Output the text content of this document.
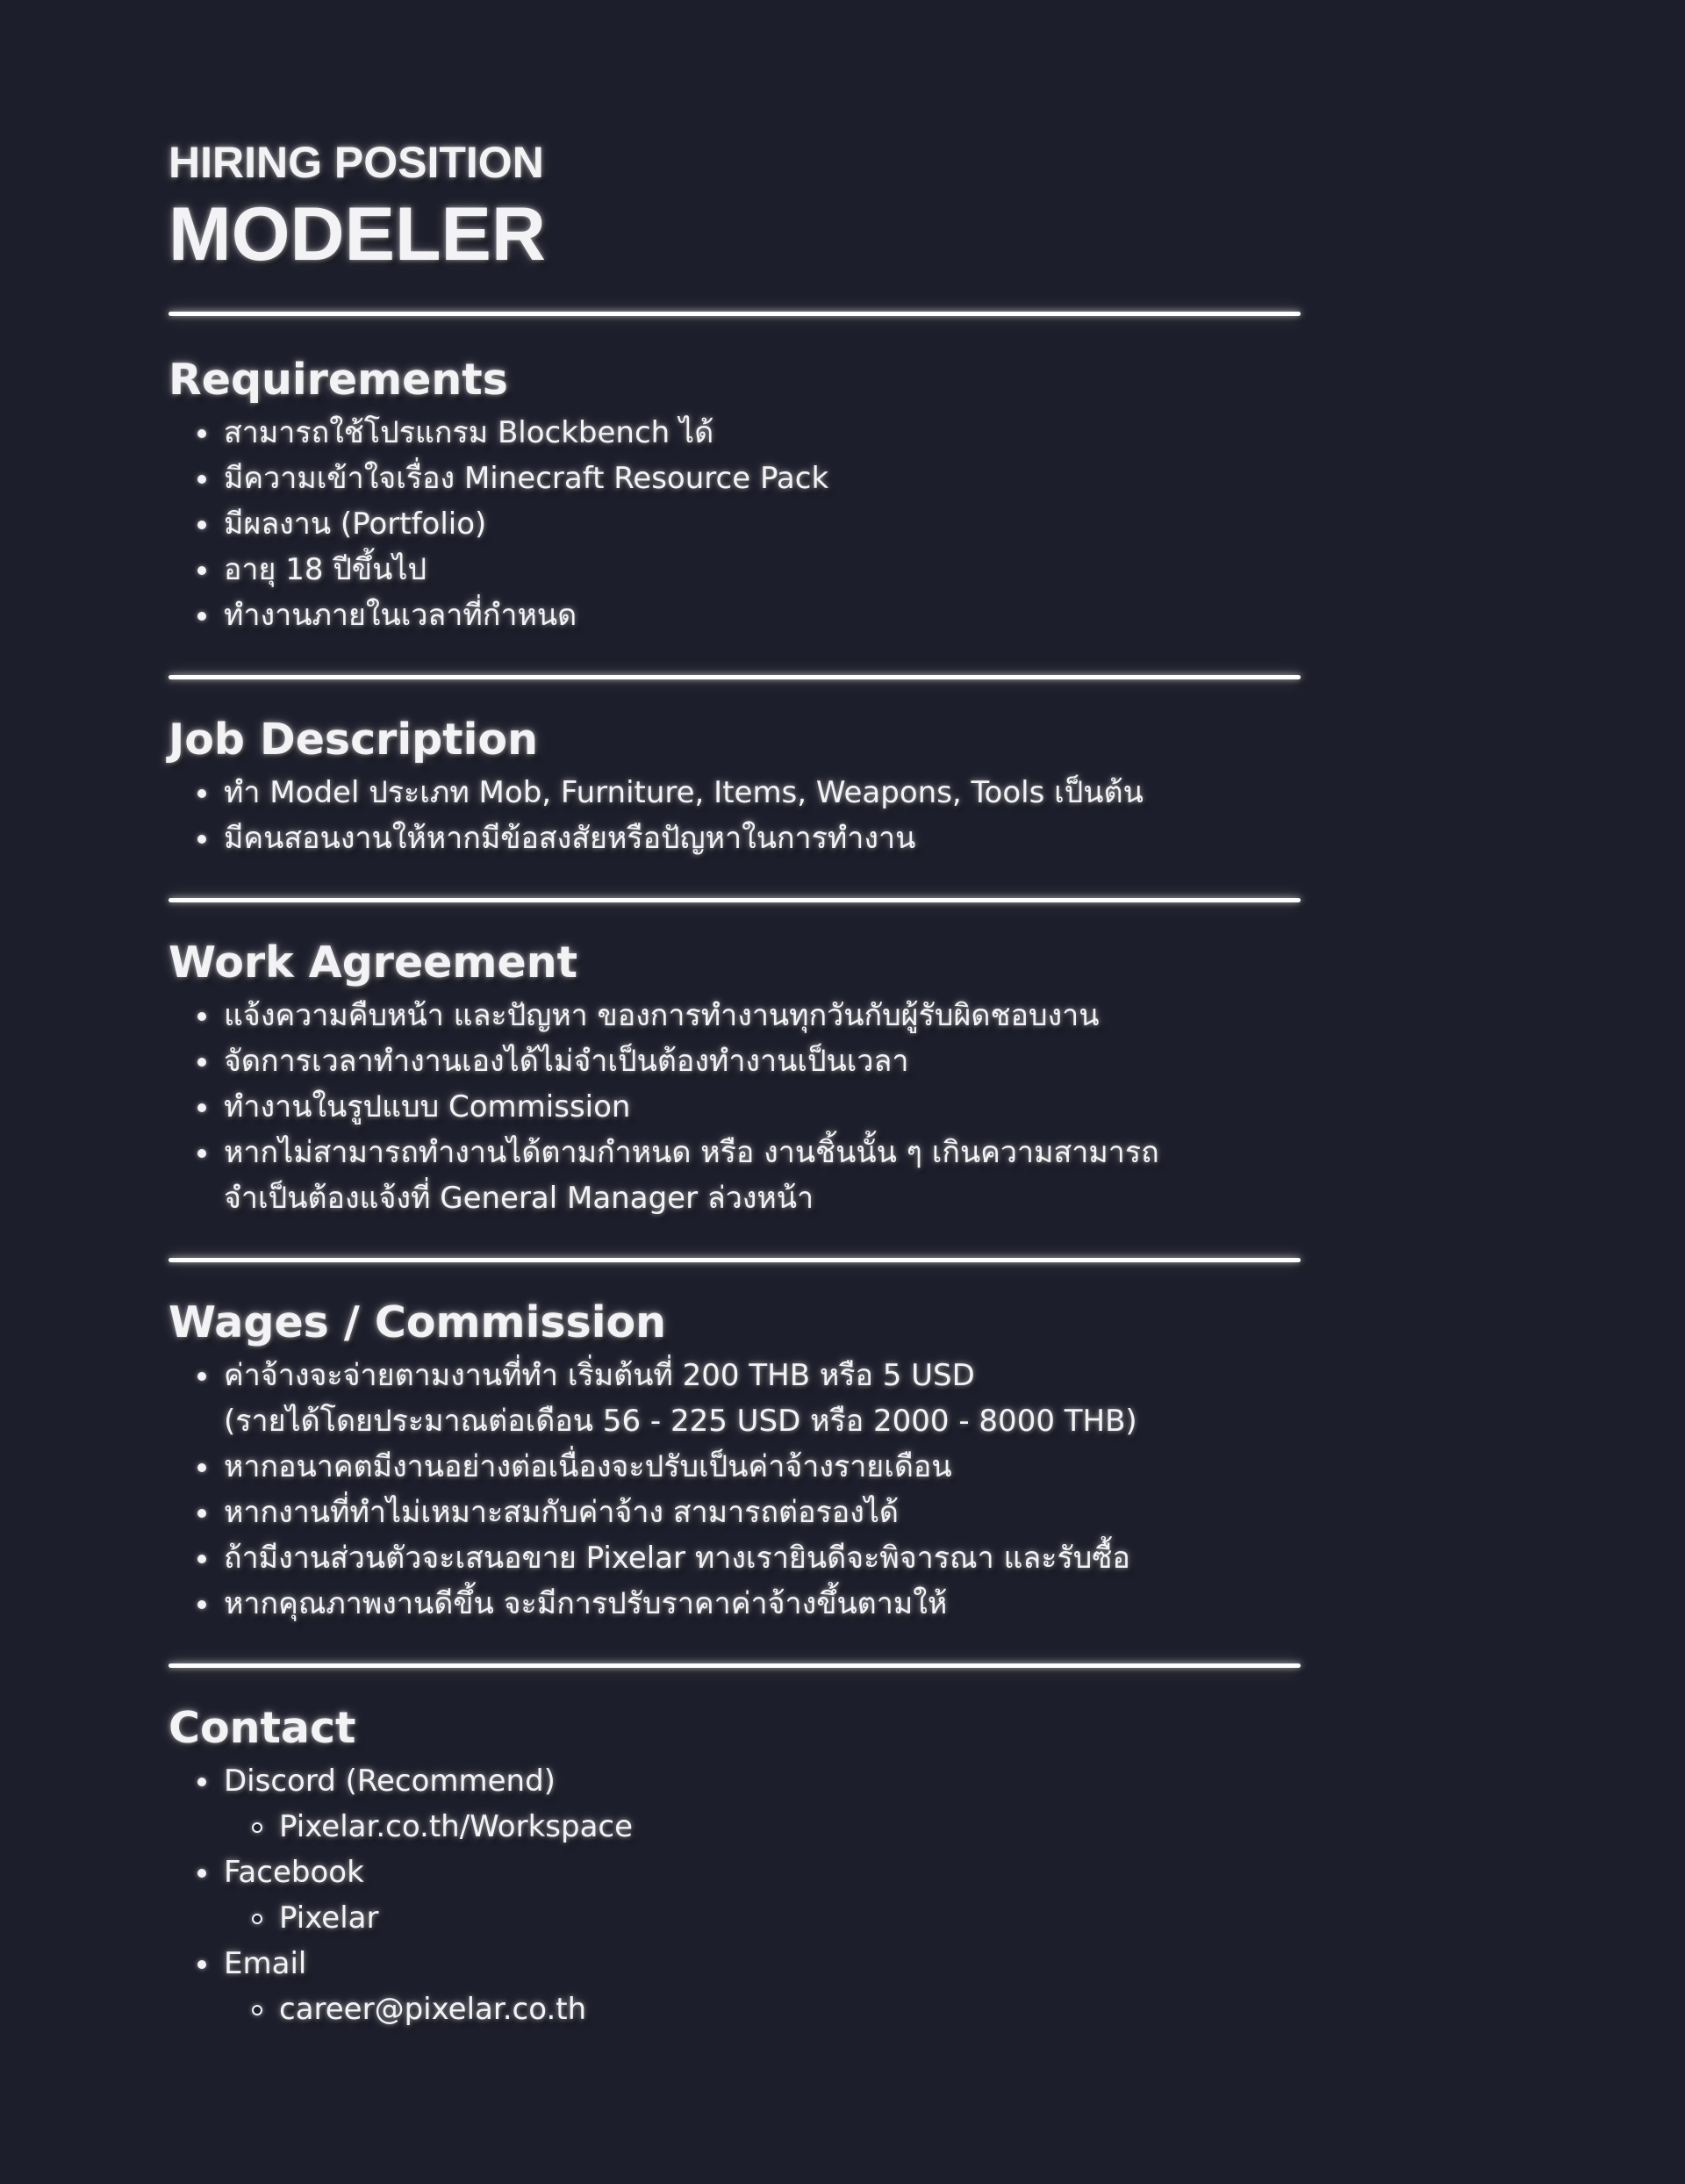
HIRING POSITION
MODELER
Requirements
สามารถใช้โปรแกรม Blockbench ได้
มีความเข้าใจเรื่อง Minecraft Resource Pack
มีผลงาน (Portfolio)
อายุ 18 ปีขึ้นไป
ทำงานภายในเวลาที่กำหนด
Job Description
ทำ Model ประเภท Mob, Furniture, Items, Weapons, Tools เป็นต้น
มีคนสอนงานให้หากมีข้อสงสัยหรือปัญหาในการทำงาน
Work Agreement
แจ้งความคืบหน้า และปัญหา ของการทำงานทุกวันกับผู้รับผิดชอบงาน
จัดการเวลาทำงานเองได้ไม่จำเป็นต้องทำงานเป็นเวลา
ทำงานในรูปแบบ Commission
หากไม่สามารถทำงานได้ตามกำหนด หรือ งานชิ้นนั้น ๆ เกินความสามารถ
จำเป็นต้องแจ้งที่ General Manager ล่วงหน้า
Wages / Commission
ค่าจ้างจะจ่ายตามงานที่ทำ เริ่มต้นที่ 200 THB หรือ 5 USD
(รายได้โดยประมาณต่อเดือน 56 - 225 USD หรือ 2000 - 8000 THB)
หากอนาคตมีงานอย่างต่อเนื่องจะปรับเป็นค่าจ้างรายเดือน
หากงานที่ทำไม่เหมาะสมกับค่าจ้าง สามารถต่อรองได้
ถ้ามีงานส่วนตัวจะเสนอขาย Pixelar ทางเรายินดีจะพิจารณา และรับซื้อ
หากคุณภาพงานดีขึ้น จะมีการปรับราคาค่าจ้างขึ้นตามให้
Contact
Discord (Recommend)
Pixelar.co.th/Workspace
Facebook
Pixelar
Email
career@pixelar.co.th
